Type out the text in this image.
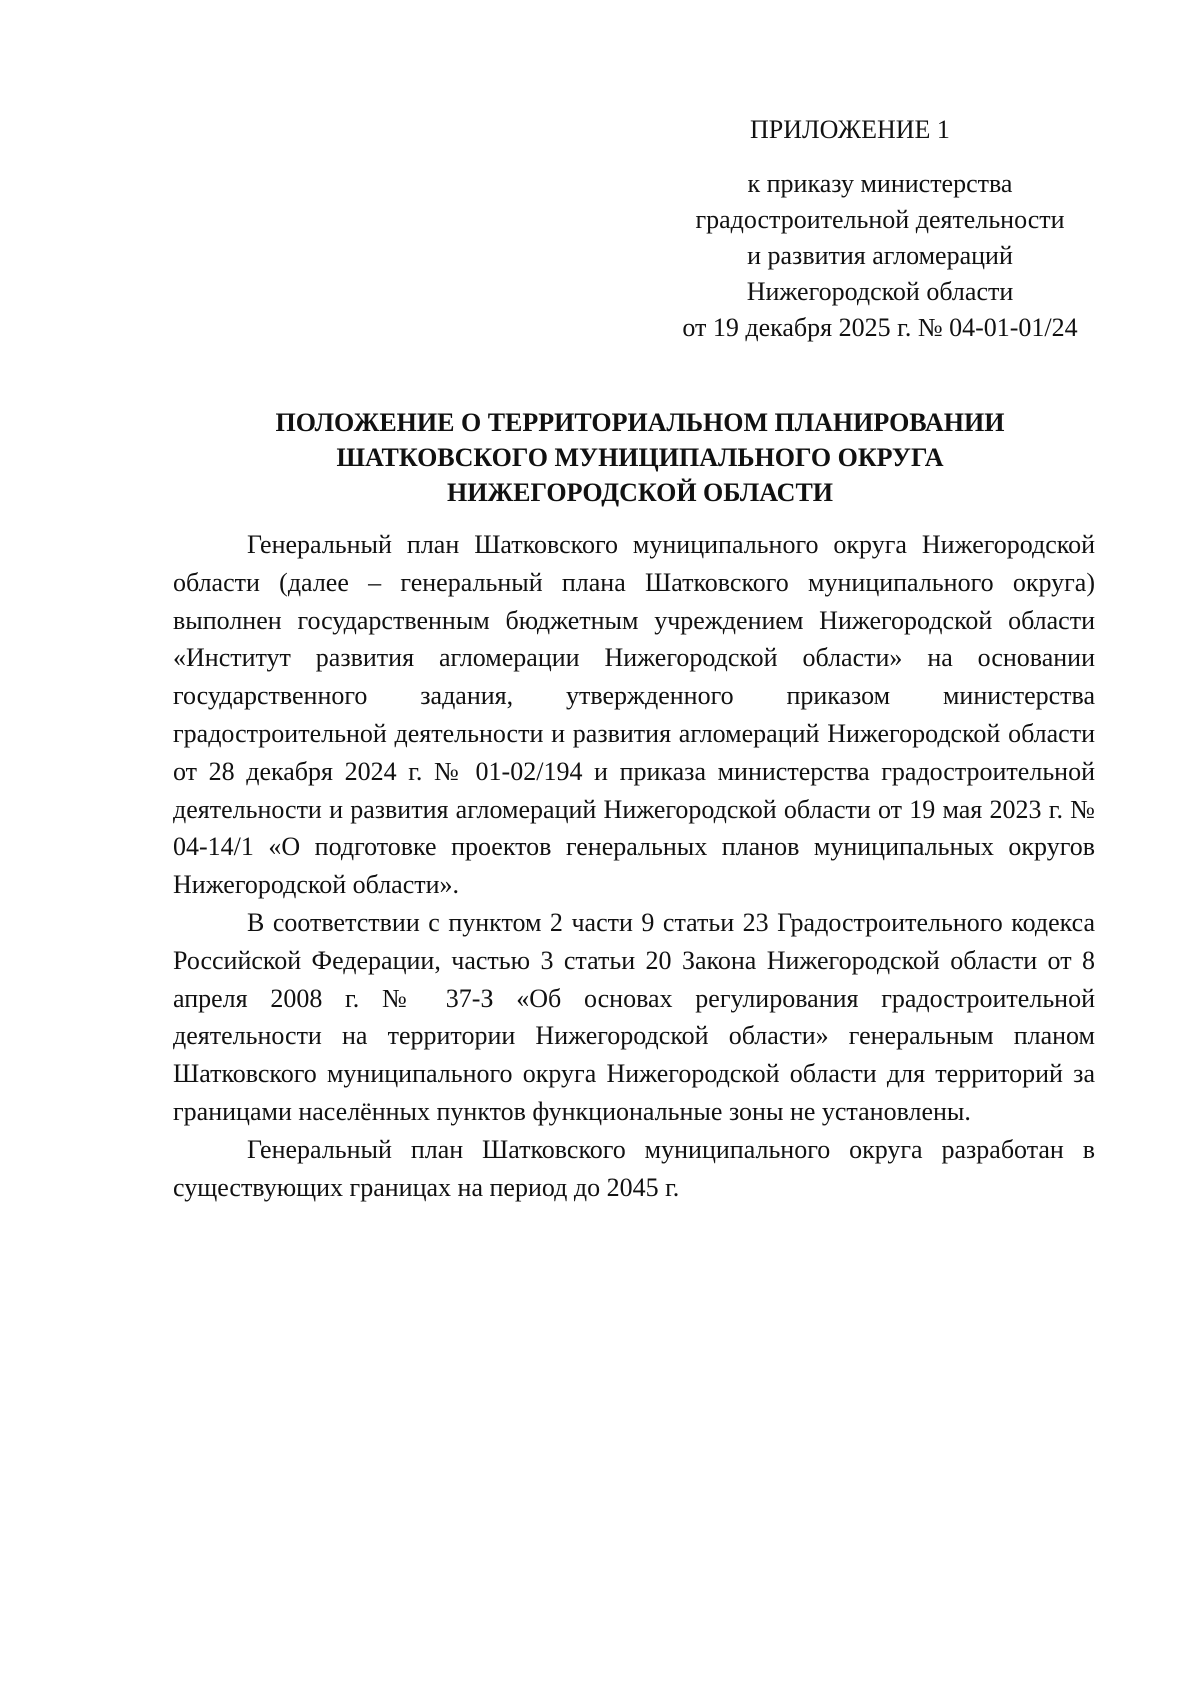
ПРИЛОЖЕНИЕ 1

к приказу министерства
градостроительной деятельности
и развития агломераций
Нижегородской области
от 19 декабря 2025 г. № 04-01-01/24
ПОЛОЖЕНИЕ О ТЕРРИТОРИАЛЬНОМ ПЛАНИРОВАНИИ
ШАТКОВСКОГО МУНИЦИПАЛЬНОГО ОКРУГА
НИЖЕГОРОДСКОЙ ОБЛАСТИ

Генеральный план Шатковского муниципального округа Нижегородской области (далее – генеральный плана Шатковского муниципального округа) выполнен государственным бюджетным учреждением Нижегородской области «Институт развития агломерации Нижегородской области» на основании государственного задания, утвержденного приказом министерства градостроительной деятельности и развития агломераций Нижегородской области от 28 декабря 2024 г. № 01-02/194 и приказа министерства градостроительной деятельности и развития агломераций Нижегородской области от 19 мая 2023 г. № 04-14/1 «О подготовке проектов генеральных планов муниципальных округов Нижегородской области».

В соответствии с пунктом 2 части 9 статьи 23 Градостроительного кодекса Российской Федерации, частью 3 статьи 20 Закона Нижегородской области от 8 апреля 2008 г. № 37-З «Об основах регулирования градостроительной деятельности на территории Нижегородской области» генеральным планом Шатковского муниципального округа Нижегородской области для территорий за границами населённых пунктов функциональные зоны не установлены.

Генеральный план Шатковского муниципального округа разработан в существующих границах на период до 2045 г.
